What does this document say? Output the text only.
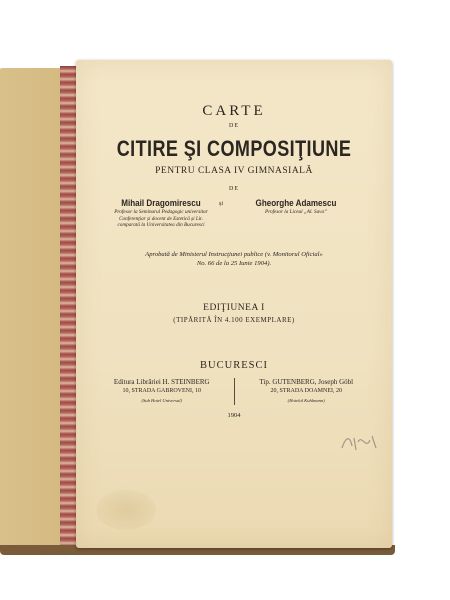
CARTE
DE
CITIRE ŞI COMPOSIŢIUNE
PENTRU CLASA IV GIMNASIALĂ
DE
Mihail Dragomirescu
Profesor la Seminarul Pedagogic universitar
Conferenţiar și docent de Estetică și Lit.
comparată la Universitatea din Bucuresci
și	Gheorghe Adamescu
Profesor la Liceul „Al. Sava”
Aprobată de Ministerul Instrucţiunei publice (v. Monitorul Oficial»
No. 66 de la 25 Iunie 1904).
EDIŢIUNEA I
(TIPĂRITĂ ÎN 4.100 EXEMPLARE)
BUCURESCI
Editura Librăriei H. STEINBERG
10, STRADA GABROVENI, 10
(Sub Hotel Universal)
Tip. GUTENBERG, Joseph Göbl
20, STRADA DOAMNEI, 20
(Hotelul Kuhlmann)
1904
